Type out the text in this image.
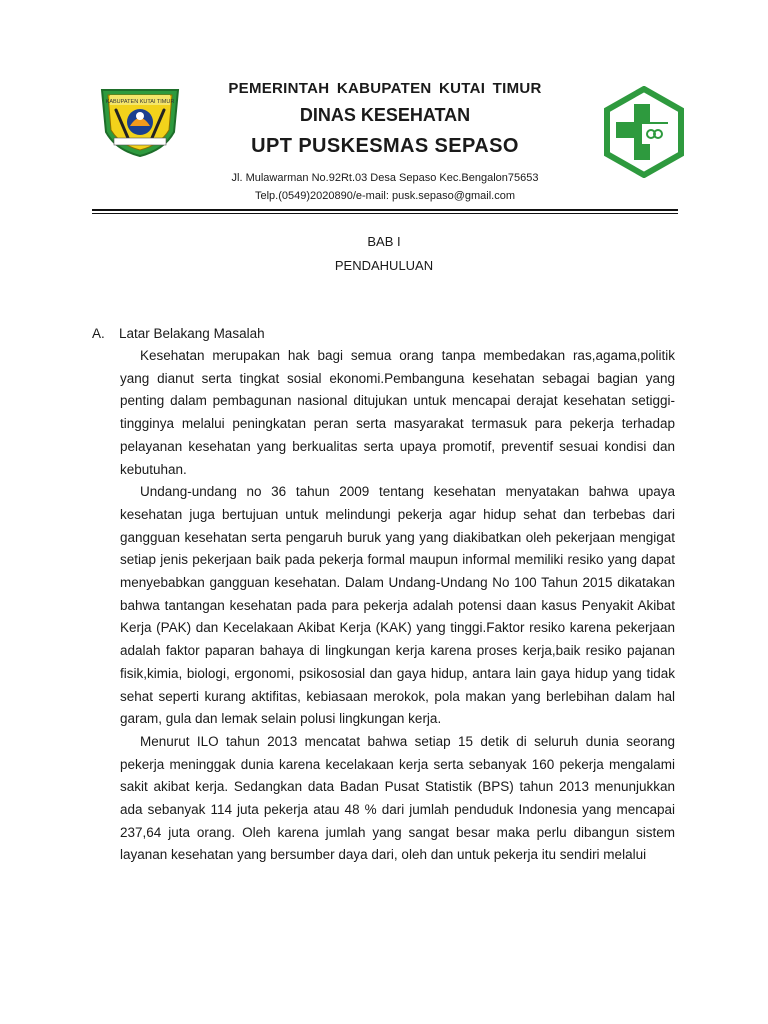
KABUPATEN KUTAI TIMUR
PEMERINTAH KABUPATEN KUTAI TIMUR
DINAS KESEHATAN
UPT PUSKESMAS SEPASO
Jl. Mulawarman No.92Rt.03 Desa Sepaso Kec.Bengalon75653
Telp.(0549)2020890/e-mail: pusk.sepaso@gmail.com
BAB I
PENDAHULUAN
A. Latar Belakang Masalah

Kesehatan merupakan hak bagi semua orang tanpa membedakan ras,agama,politik yang dianut serta tingkat sosial ekonomi.Pembanguna kesehatan sebagai bagian yang penting dalam pembagunan nasional ditujukan untuk mencapai derajat kesehatan setiggi-tingginya melalui peningkatan peran serta masyarakat termasuk para pekerja terhadap pelayanan kesehatan yang berkualitas serta upaya promotif, preventif sesuai kondisi dan kebutuhan.

Undang-undang no 36 tahun 2009 tentang kesehatan menyatakan bahwa upaya kesehatan juga bertujuan untuk melindungi pekerja agar hidup sehat dan terbebas dari gangguan kesehatan serta pengaruh buruk yang yang diakibatkan oleh pekerjaan mengigat setiap jenis pekerjaan baik pada pekerja formal maupun informal memiliki resiko yang dapat menyebabkan gangguan kesehatan. Dalam Undang-Undang No 100 Tahun 2015 dikatakan bahwa tantangan kesehatan pada para pekerja adalah potensi daan kasus Penyakit Akibat Kerja (PAK) dan Kecelakaan Akibat Kerja (KAK) yang tinggi.Faktor resiko karena pekerjaan adalah faktor paparan bahaya di lingkungan kerja karena proses kerja,baik resiko pajanan fisik,kimia, biologi, ergonomi, psikososial dan gaya hidup, antara lain gaya hidup yang tidak sehat seperti kurang aktifitas, kebiasaan merokok, pola makan yang berlebihan dalam hal garam, gula dan lemak selain polusi lingkungan kerja.

Menurut ILO tahun 2013 mencatat bahwa setiap 15 detik di seluruh dunia seorang pekerja meninggak dunia karena kecelakaan kerja serta sebanyak 160 pekerja mengalami sakit akibat kerja. Sedangkan data Badan Pusat Statistik (BPS) tahun 2013 menunjukkan ada sebanyak 114 juta pekerja atau 48 % dari jumlah penduduk Indonesia yang mencapai 237,64 juta orang. Oleh karena jumlah yang sangat besar maka perlu dibangun sistem layanan kesehatan yang bersumber daya dari, oleh dan untuk pekerja itu sendiri melalui
